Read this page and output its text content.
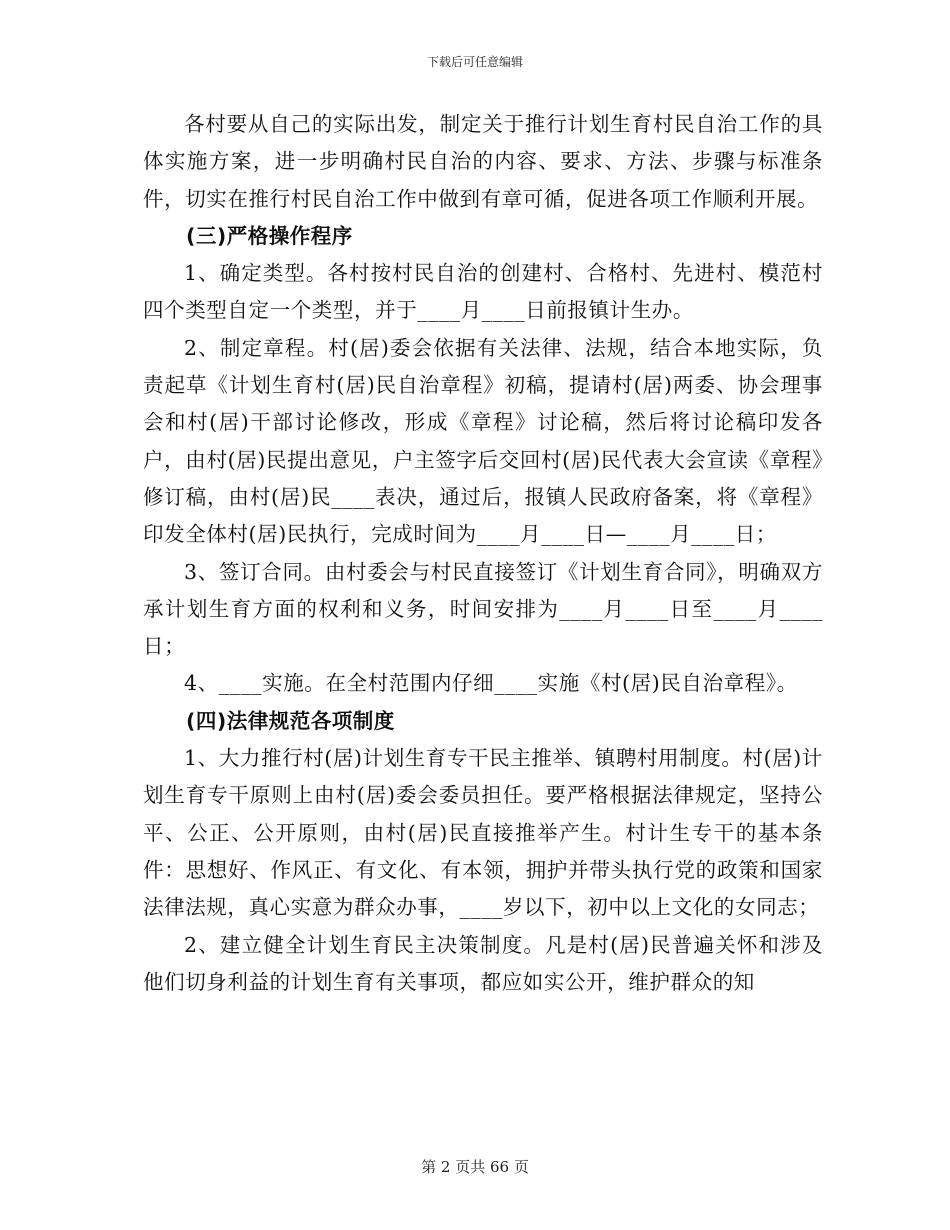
下载后可任意编辑

各村要从自己的实际出发，制定关于推行计划生育村民自治工作的具体实施方案，进一步明确村民自治的内容、要求、方法、步骤与标准条件，切实在推行村民自治工作中做到有章可循，促进各项工作顺利开展。

(三)严格操作程序

1、确定类型。各村按村民自治的创建村、合格村、先进村、模范村四个类型自定一个类型，并于____月____日前报镇计生办。

2、制定章程。村(居)委会依据有关法律、法规，结合本地实际，负责起草《计划生育村(居)民自治章程》初稿，提请村(居)两委、协会理事会和村(居)干部讨论修改，形成《章程》讨论稿，然后将讨论稿印发各户，由村(居)民提出意见，户主签字后交回村(居)民代表大会宣读《章程》修订稿，由村(居)民____表决，通过后，报镇人民政府备案，将《章程》印发全体村(居)民执行，完成时间为____月____日—____月____日；

3、签订合同。由村委会与村民直接签订《计划生育合同》，明确双方承计划生育方面的权利和义务，时间安排为____月____日至____月____日；

4、____实施。在全村范围内仔细____实施《村(居)民自治章程》。

(四)法律规范各项制度

1、大力推行村(居)计划生育专干民主推举、镇聘村用制度。村(居)计划生育专干原则上由村(居)委会委员担任。要严格根据法律规定，坚持公平、公正、公开原则，由村(居)民直接推举产生。村计生专干的基本条件：思想好、作风正、有文化、有本领，拥护并带头执行党的政策和国家法律法规，真心实意为群众办事，____岁以下，初中以上文化的女同志；

2、建立健全计划生育民主决策制度。凡是村(居)民普遍关怀和涉及他们切身利益的计划生育有关事项，都应如实公开，维护群众的知

第 2 页共 66 页
